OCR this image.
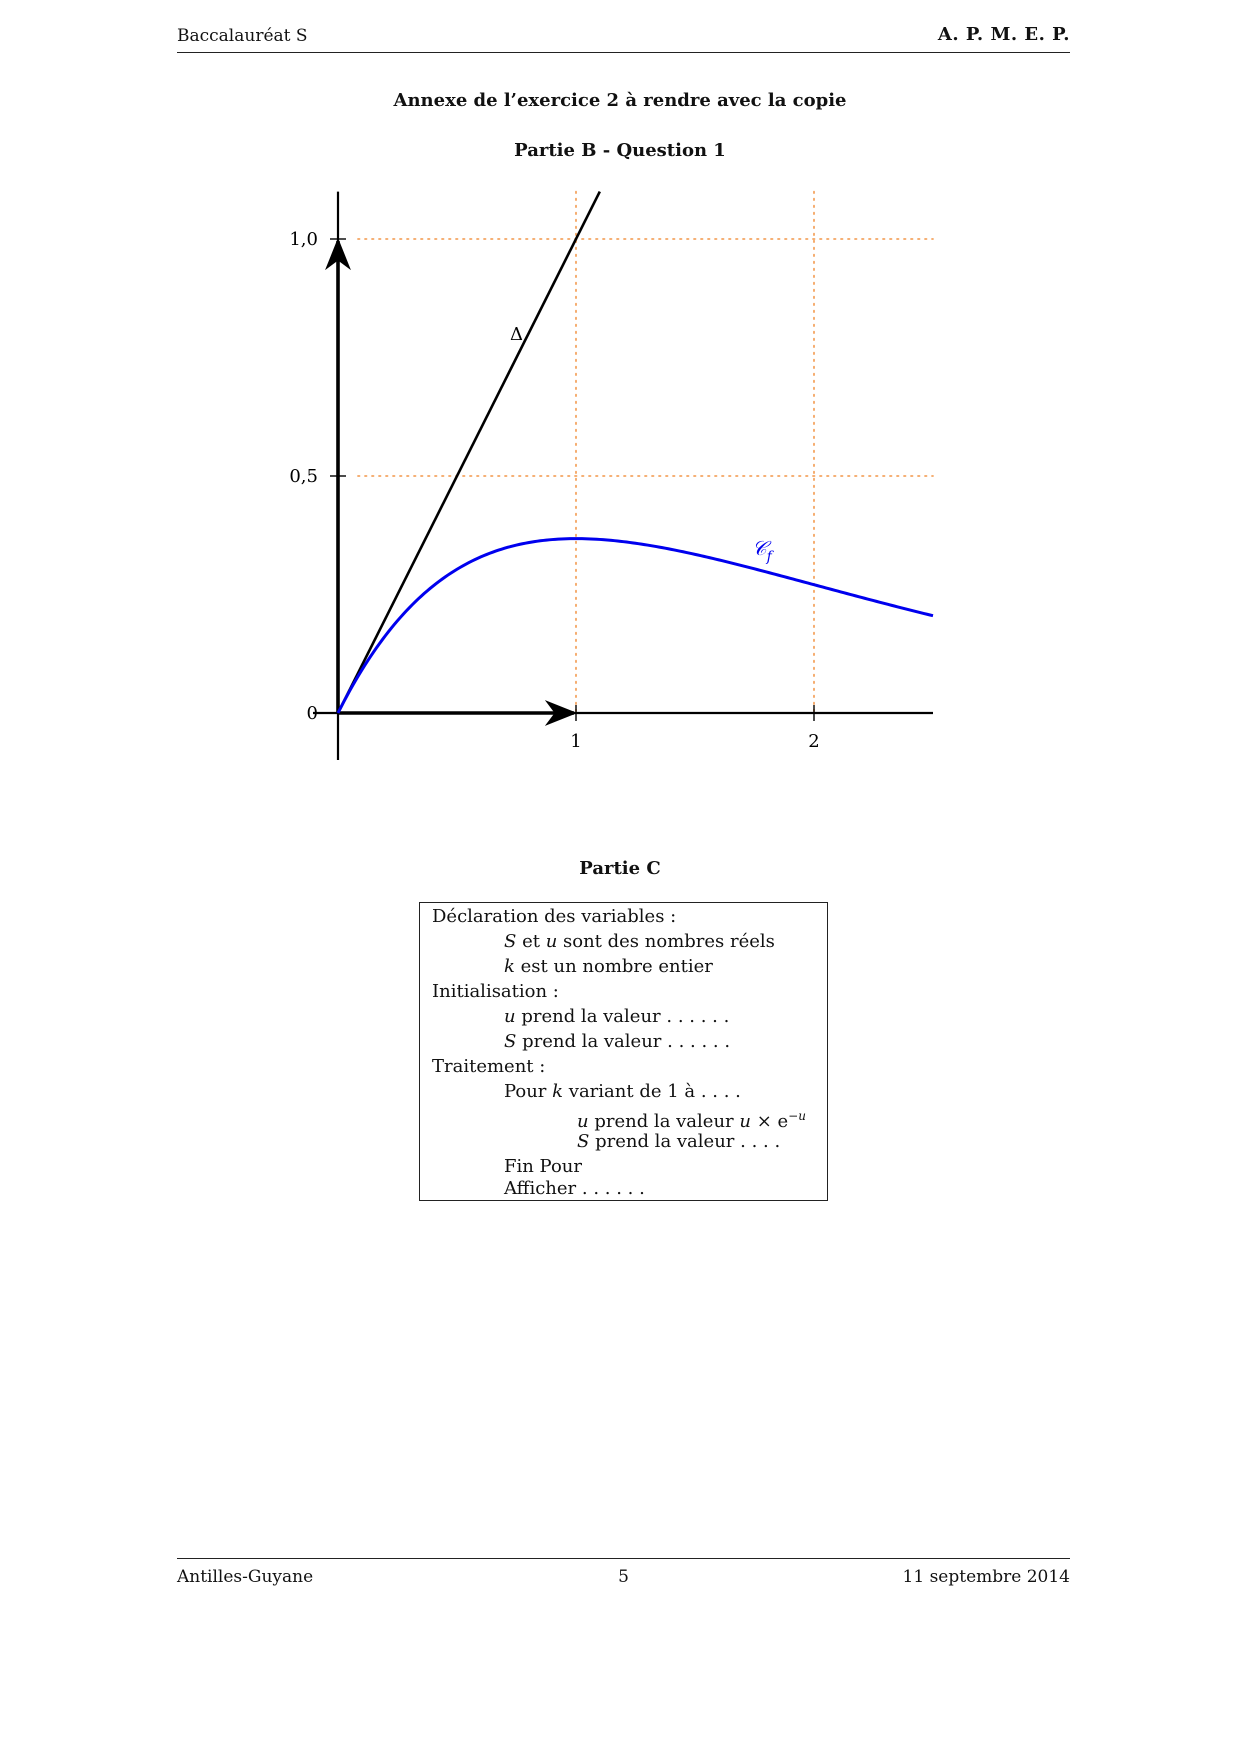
Baccalauréat S	A. P. M. E. P.
Annexe de l’exercice 2 à rendre avec la copie
Partie B - Question 1
1	2
0
0,5
1,0
Δ
𝒞$_f$
Partie C
Déclaration des variables :
S et u sont des nombres réels
k est un nombre entier
Initialisation :
u prend la valeur . . . . . .
S prend la valeur . . . . . .
Traitement :
Pour k variant de 1 à . . . .
u prend la valeur $u \times e^{-u}$
S prend la valeur . . . .
Fin Pour
Afficher . . . . . .
Antilles-Guyane	5	11 septembre 2014
